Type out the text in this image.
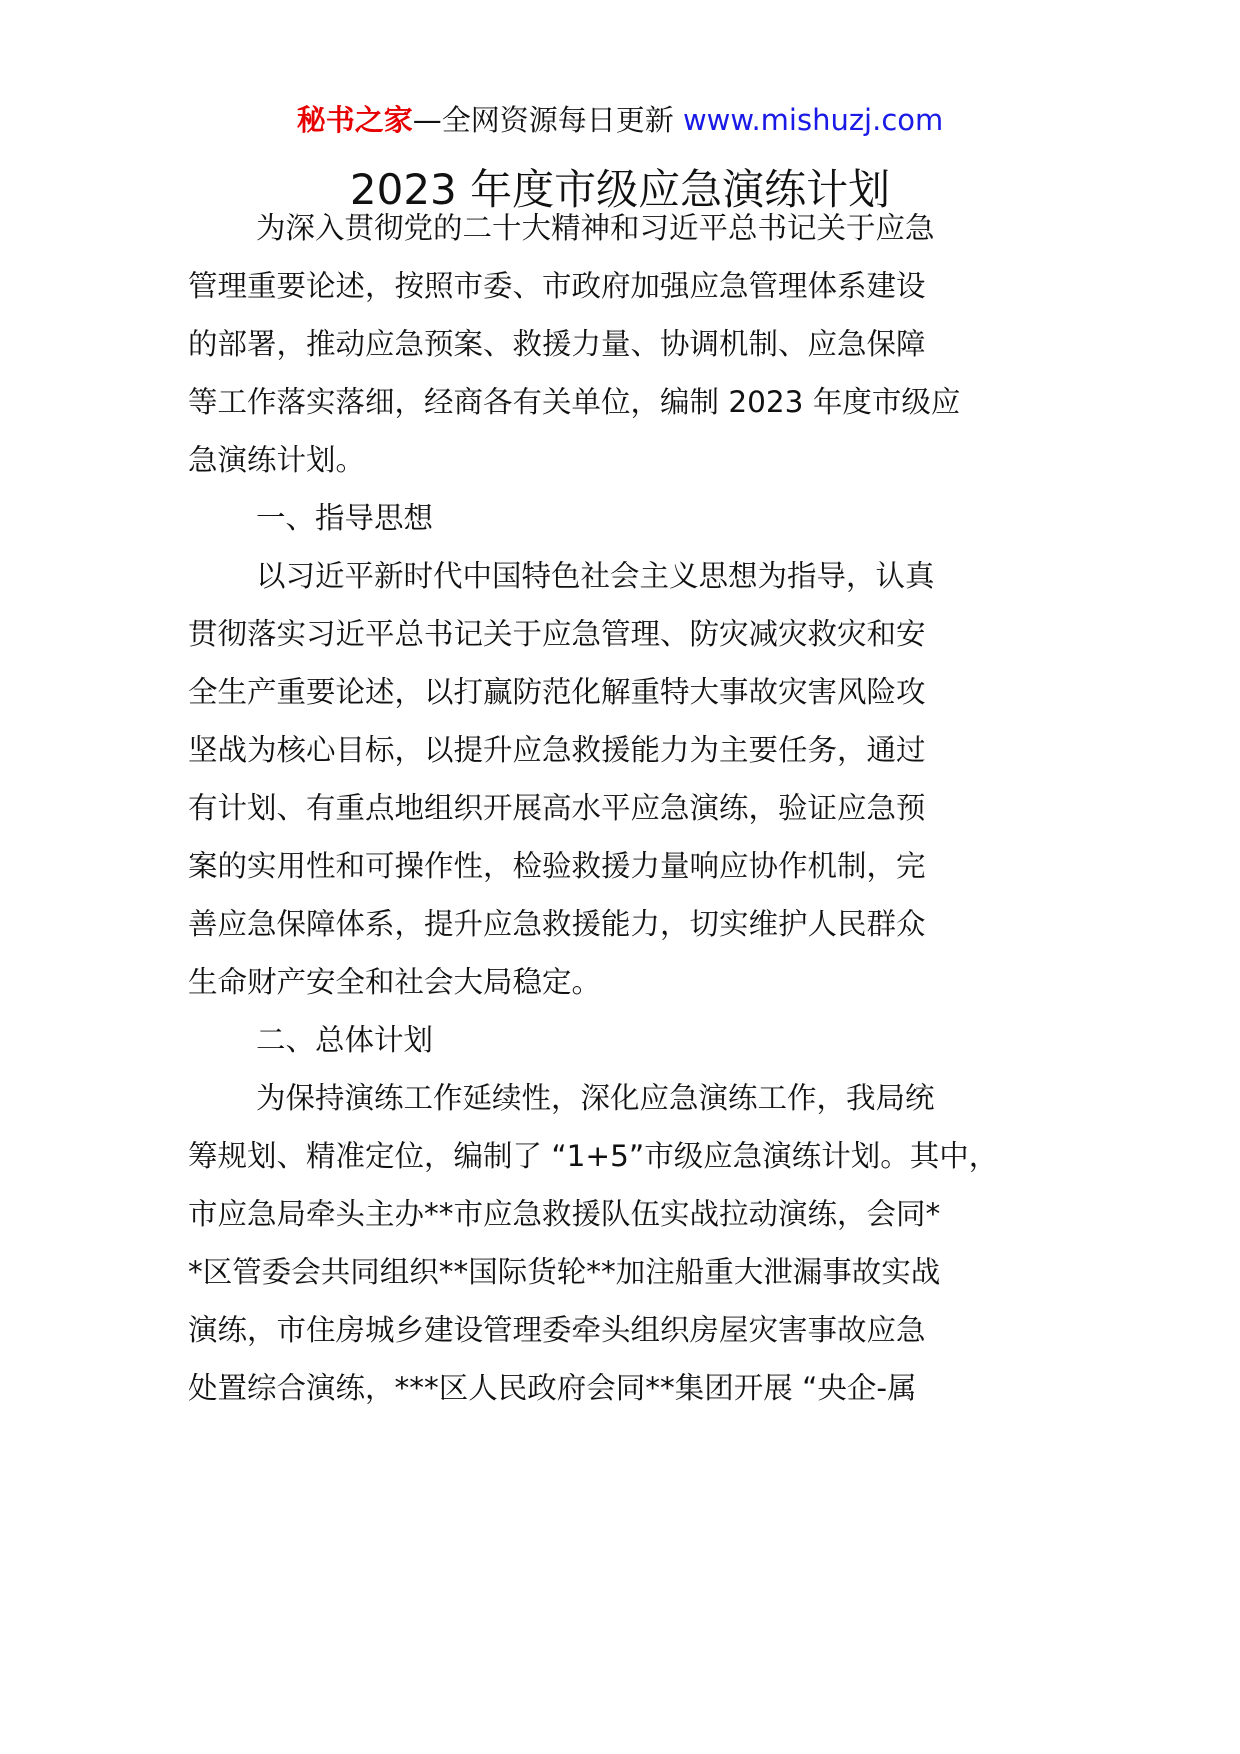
秘书之家—全网资源每日更新 www.mishuzj.com
2023 年度市级应急演练计划
为深入贯彻党的二十大精神和习近平总书记关于应急
管理重要论述，按照市委、市政府加强应急管理体系建设
的部署，推动应急预案、救援力量、协调机制、应急保障
等工作落实落细，经商各有关单位，编制 2023 年度市级应
急演练计划。
一、指导思想
以习近平新时代中国特色社会主义思想为指导，认真
贯彻落实习近平总书记关于应急管理、防灾减灾救灾和安
全生产重要论述，以打赢防范化解重特大事故灾害风险攻
坚战为核心目标，以提升应急救援能力为主要任务，通过
有计划、有重点地组织开展高水平应急演练，验证应急预
案的实用性和可操作性，检验救援力量响应协作机制，完
善应急保障体系，提升应急救援能力，切实维护人民群众
生命财产安全和社会大局稳定。
二、总体计划
为保持演练工作延续性，深化应急演练工作，我局统
筹规划、精准定位，编制了 “1+5”市级应急演练计划。其中，
市应急局牵头主办**市应急救援队伍实战拉动演练，会同*
*区管委会共同组织**国际货轮**加注船重大泄漏事故实战
演练，市住房城乡建设管理委牵头组织房屋灾害事故应急
处置综合演练，***区人民政府会同**集团开展 “央企-属
